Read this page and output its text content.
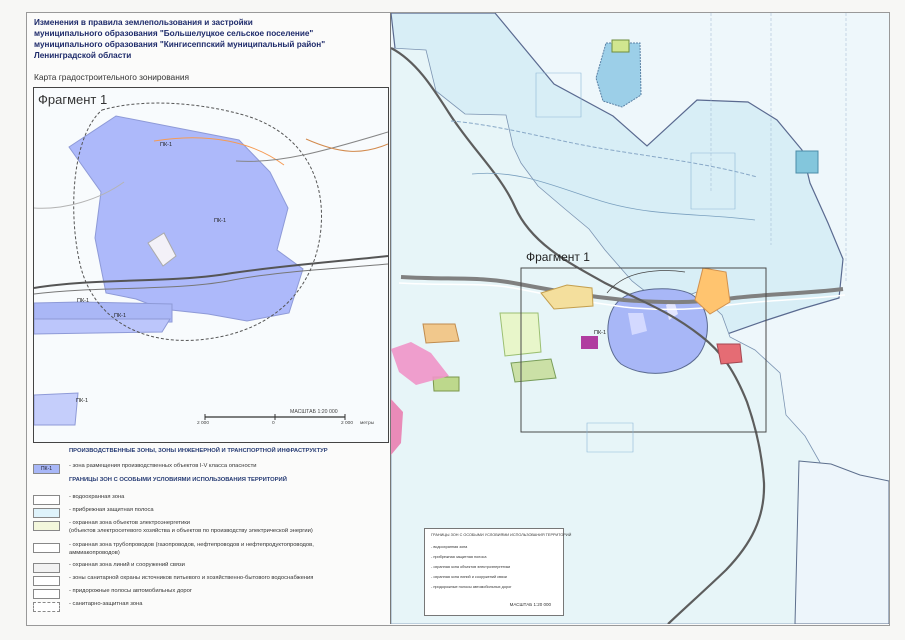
Изменения в правила землепользования и застройки
муниципального образования "Большелуцкое сельское поселение"
муниципального образования "Кингисеппский муниципальный район"
Ленинградской области
Карта градостроительного зонирования
Фрагмент 1
ПК-1
ПК-1
ПК-1
ПК-1
ПК-1
МАСШТАБ 1:20 000
2 000	0	2 000 метры
ПРОИЗВОДСТВЕННЫЕ ЗОНЫ, ЗОНЫ ИНЖЕНЕРНОЙ И ТРАНСПОРТНОЙ ИНФРАСТРУКТУР
ПК-1	- зона размещения производственных объектов I-V класса опасности
ГРАНИЦЫ ЗОН С ОСОБЫМИ УСЛОВИЯМИ ИСПОЛЬЗОВАНИЯ ТЕРРИТОРИЙ
- водоохранная зона
- прибрежная защитная полоса
- охранная зона объектов электроэнергетики
(объектов электросетевого хозяйства и объектов по производству электрической энергии)
- охранная зона трубопроводов (газопроводов, нефтепроводов и нефтепродуктопроводов,
аммиакопроводов)
- охранная зона линий и сооружений связи
- зоны санитарной охраны источников питьевого и хозяйственно-бытового водоснабжения
- придорожные полосы автомобильных дорог
- санитарно-защитная зона
Фрагмент 1
ПК-1
ГРАНИЦЫ ЗОН С ОСОБЫМИ УСЛОВИЯМИ ИСПОЛЬЗОВАНИЯ ТЕРРИТОРИЙ
- водоохранная зона
- прибрежная защитная полоса
- охранная зона объектов электроэнергетики
- охранная зона линий и сооружений связи
- придорожные полосы автомобильных дорог
МАСШТАБ 1:20 000
